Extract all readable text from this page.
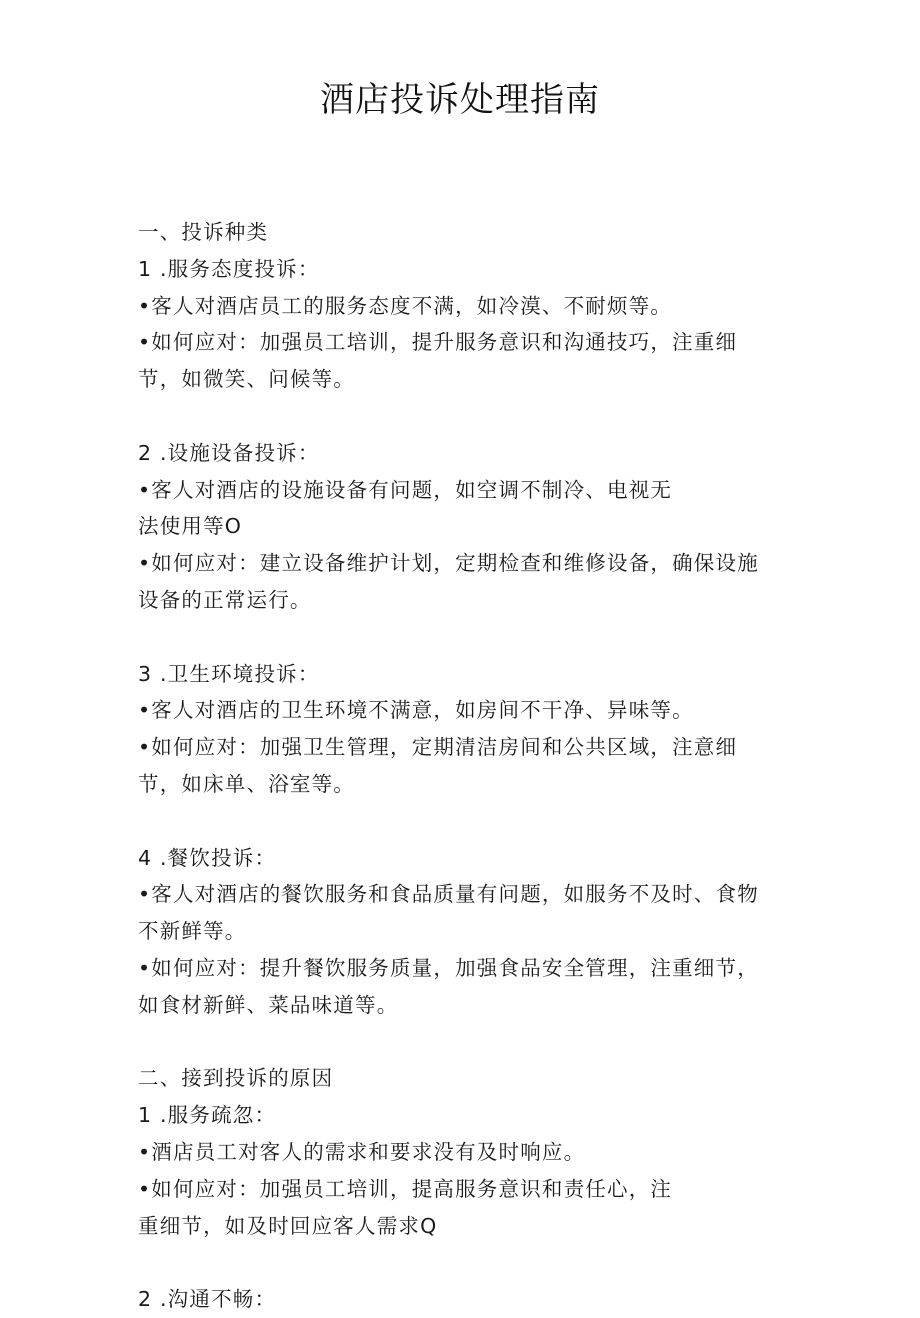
酒店投诉处理指南

一、投诉种类

1 .服务态度投诉：

•客人对酒店员工的服务态度不满，如冷漠、不耐烦等。

•如何应对：加强员工培训，提升服务意识和沟通技巧，注重细

节，如微笑、问候等。

2 .设施设备投诉：

•客人对酒店的设施设备有问题，如空调不制冷、电视无

法使用等O

•如何应对：建立设备维护计划，定期检查和维修设备，确保设施

设备的正常运行。

3 .卫生环境投诉：

•客人对酒店的卫生环境不满意，如房间不干净、异味等。

•如何应对：加强卫生管理，定期清洁房间和公共区域，注意细

节，如床单、浴室等。

4 .餐饮投诉：

•客人对酒店的餐饮服务和食品质量有问题，如服务不及时、食物

不新鲜等。

•如何应对：提升餐饮服务质量，加强食品安全管理，注重细节，

如食材新鲜、菜品味道等。

二、接到投诉的原因

1 .服务疏忽：

•酒店员工对客人的需求和要求没有及时响应。

•如何应对：加强员工培训，提高服务意识和责任心，注

重细节，如及时回应客人需求Q

2 .沟通不畅：
